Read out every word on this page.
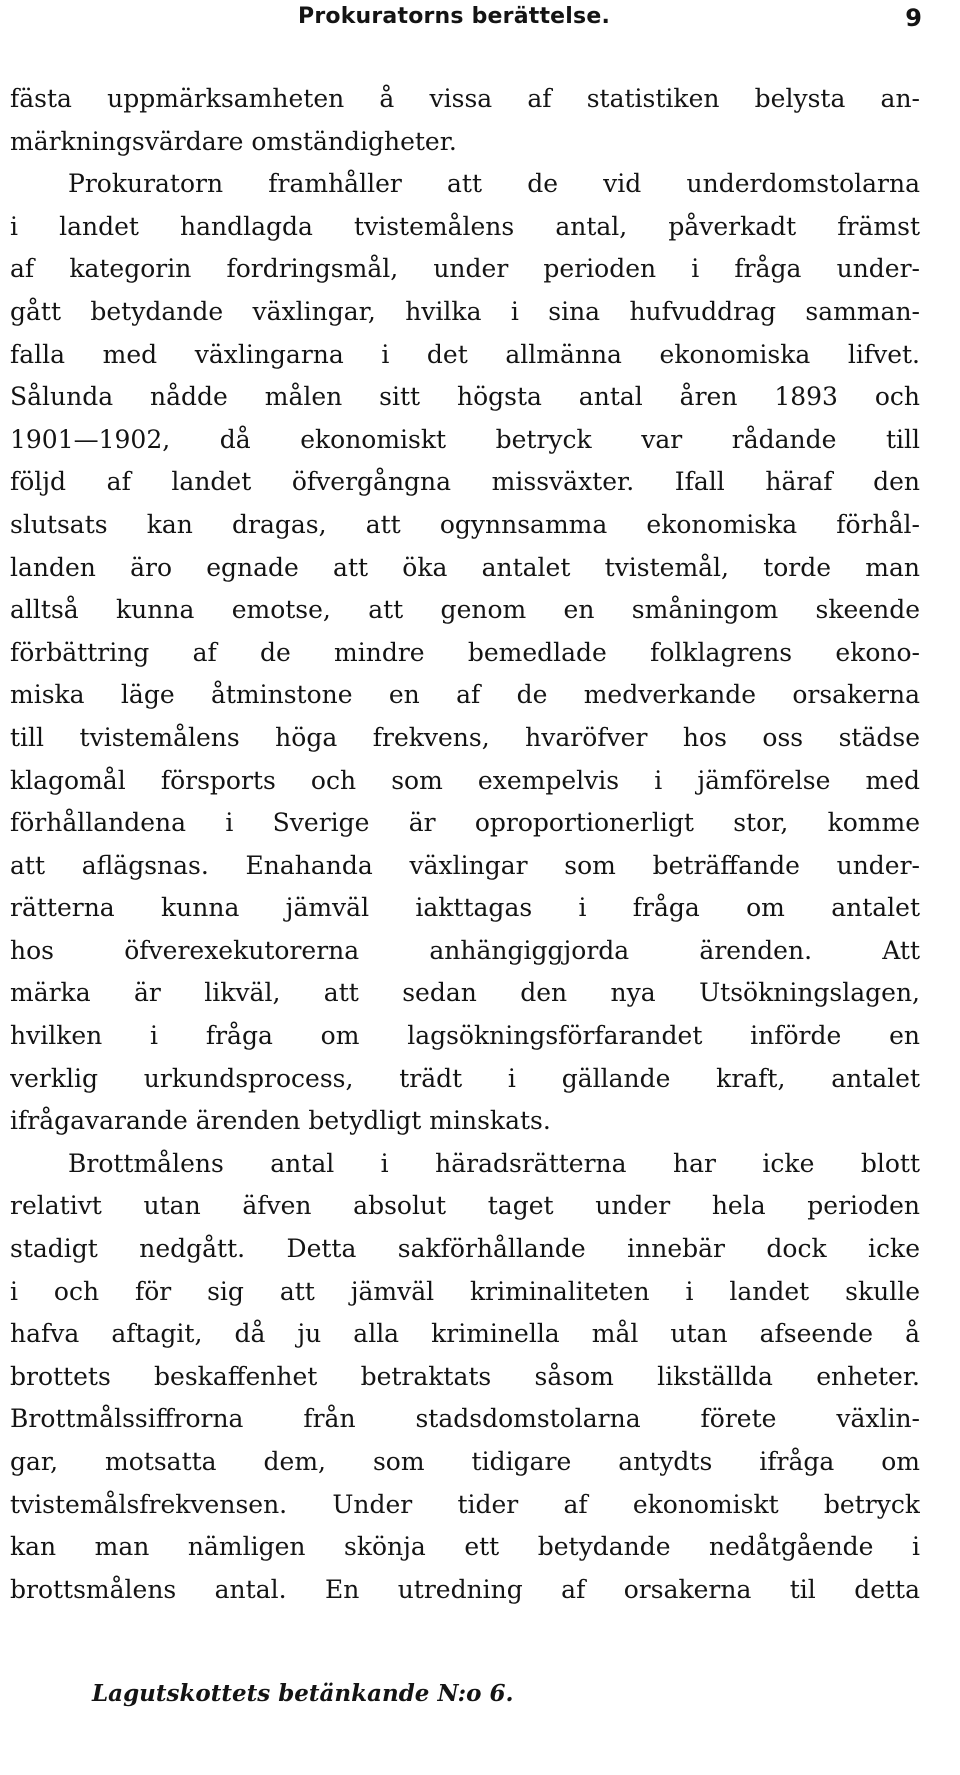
Prokuratorns berättelse.	9
fästa uppmärksamheten å vissa af statistiken belysta an-
märkningsvärdare omständigheter.
Prokuratorn framhåller att de vid underdomstolarna
i landet handlagda tvistemålens antal, påverkadt främst
af kategorin fordringsmål, under perioden i fråga under-
gått betydande växlingar, hvilka i sina hufvuddrag samman-
falla med växlingarna i det allmänna ekonomiska lifvet.
Sålunda nådde målen sitt högsta antal åren 1893 och
1901—1902, då ekonomiskt betryck var rådande till
följd af landet öfvergångna missväxter. Ifall häraf den
slutsats kan dragas, att ogynnsamma ekonomiska förhål-
landen äro egnade att öka antalet tvistemål, torde man
alltså kunna emotse, att genom en småningom skeende
förbättring af de mindre bemedlade folklagrens ekono-
miska läge åtminstone en af de medverkande orsakerna
till tvistemålens höga frekvens, hvaröfver hos oss städse
klagomål försports och som exempelvis i jämförelse med
förhållandena i Sverige är oproportionerligt stor, komme
att aflägsnas. Enahanda växlingar som beträffande under-
rätterna kunna jämväl iakttagas i fråga om antalet
hos öfverexekutorerna anhängiggjorda ärenden. Att
märka är likväl, att sedan den nya Utsökningslagen,
hvilken i fråga om lagsökningsförfarandet införde en
verklig urkundsprocess, trädt i gällande kraft, antalet
ifrågavarande ärenden betydligt minskats.
Brottmålens antal i häradsrätterna har icke blott
relativt utan äfven absolut taget under hela perioden
stadigt nedgått. Detta sakförhållande innebär dock icke
i och för sig att jämväl kriminaliteten i landet skulle
hafva aftagit, då ju alla kriminella mål utan afseende å
brottets beskaffenhet betraktats såsom likställda enheter.
Brottmålssiffrorna från stadsdomstolarna förete växlin-
gar, motsatta dem, som tidigare antydts ifråga om
tvistemålsfrekvensen. Under tider af ekonomiskt betryck
kan man nämligen skönja ett betydande nedåtgående i
brottsmålens antal. En utredning af orsakerna til detta
Lagutskottets betänkande N:o 6.
